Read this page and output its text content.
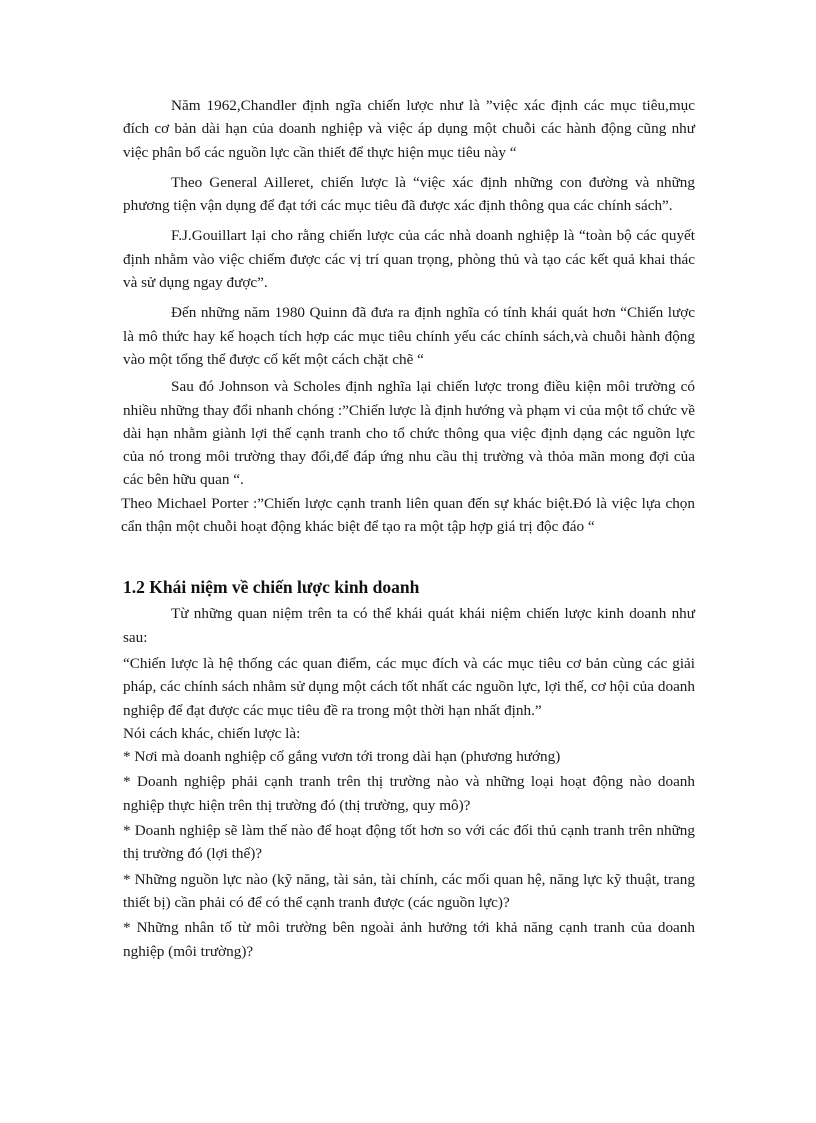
Năm 1962,Chandler định ngĩa chiến lược như là ”việc xác định các mục tiêu,mục đích cơ bản dài hạn của doanh nghiệp và việc áp dụng một chuỗi các hành động cũng như việc phân bổ các nguồn lực cần thiết để thực hiện mục tiêu này “

Theo General Ailleret, chiến lược là “việc xác định những con đường và những phương tiện vận dụng để đạt tới các mục tiêu đã được xác định thông qua các chính sách”.

F.J.Gouillart lại cho rằng chiến lược của các nhà doanh nghiệp là “toàn bộ các quyết định nhằm vào việc chiếm được các vị trí quan trọng, phòng thủ và tạo các kết quả khai thác và sử dụng ngay được”.

Đến những năm 1980 Quinn đã đưa ra định nghĩa có tính khái quát hơn “Chiến lược là mô thức hay kế hoạch tích hợp các mục tiêu chính yếu các chính sách,và chuỗi hành động vào một tổng thể được cố kết một cách chặt chẽ “

Sau đó Johnson và Scholes định nghĩa lại chiến lược trong điều kiện môi trường có nhiều những thay đổi nhanh chóng :”Chiến lược là định hướng và phạm vi của một tổ chức về dài hạn nhằm giành lợi thế cạnh tranh cho tổ chức thông qua việc định dạng các nguồn lực của nó trong môi trường thay đổi,để đáp ứng nhu cầu thị trường và thỏa mãn mong đợi của các bên hữu quan “.

Theo Michael Porter :”Chiến lược cạnh tranh liên quan đến sự khác biệt.Đó là việc lựa chọn cẩn thận một chuỗi hoạt động khác biệt để tạo ra một tập hợp giá trị độc đáo “

1.2 Khái niệm về chiến lược kinh doanh

Từ những quan niệm trên ta có thể khái quát khái niệm chiến lược kinh doanh như sau:

“Chiến lược là hệ thống các quan điểm, các mục đích và các mục tiêu cơ bản cùng các giải pháp, các chính sách nhằm sử dụng một cách tốt nhất các nguồn lực, lợi thế, cơ hội của doanh nghiệp để đạt được các mục tiêu đề ra trong một thời hạn nhất định.”

Nói cách khác, chiến lược là:

* Nơi mà doanh nghiệp cố gắng vươn tới trong dài hạn (phương hướng)

* Doanh nghiệp phải cạnh tranh trên thị trường nào và những loại hoạt động nào doanh nghiệp thực hiện trên thị trường đó (thị trường, quy mô)?

* Doanh nghiệp sẽ làm thế nào để hoạt động tốt hơn so với các đối thủ cạnh tranh trên những thị trường đó (lợi thế)?

* Những nguồn lực nào (kỹ năng, tài sản, tài chính, các mối quan hệ, năng lực kỹ thuật, trang thiết bị) cần phải có để có thể cạnh tranh được (các nguồn lực)?

* Những nhân tố từ môi trường bên ngoài ảnh hưởng tới khả năng cạnh tranh của doanh nghiệp (môi trường)?
